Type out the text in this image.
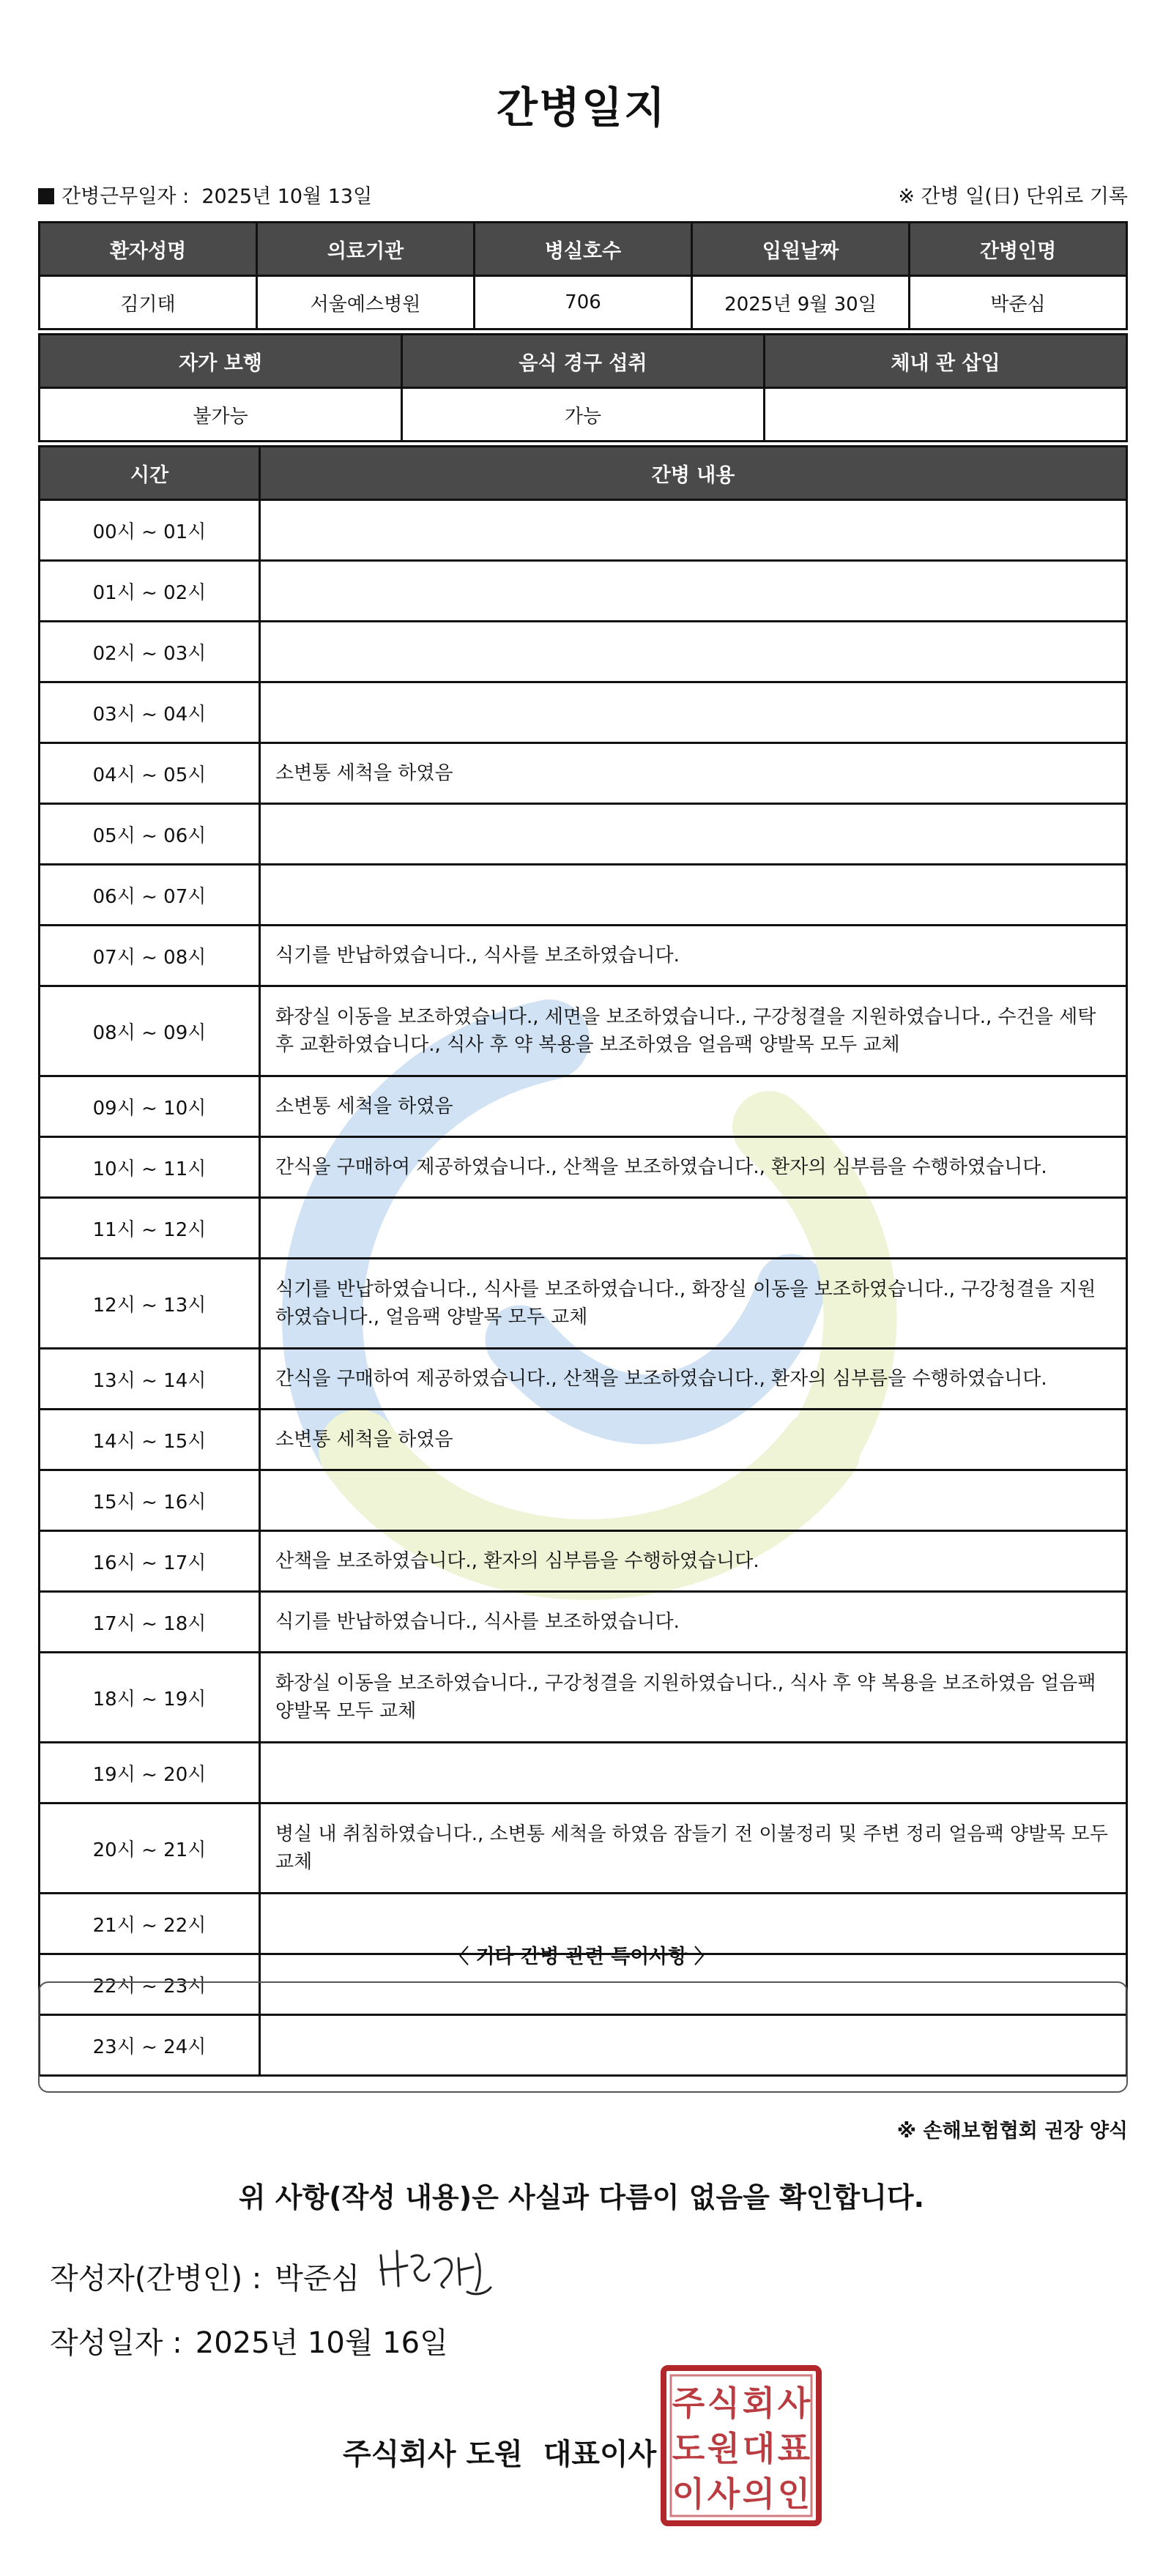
간병일지
간병근무일자 : 2025년 10월 13일	※ 간병 일(日) 단위로 기록
환자성명	의료기관	병실호수	입원날짜	간병인명
김기태	서울예스병원	706	2025년 9월 30일	박준심
자가 보행	음식 경구 섭취	체내 관 삽입
불가능	가능	
시간	간병 내용
00시 ~ 01시	
01시 ~ 02시	
02시 ~ 03시	
03시 ~ 04시	
04시 ~ 05시	소변통 세척을 하였음
05시 ~ 06시	
06시 ~ 07시	
07시 ~ 08시	식기를 반납하였습니다., 식사를 보조하였습니다.
08시 ~ 09시	화장실 이동을 보조하였습니다., 세면을 보조하였습니다., 구강청결을 지원하였습니다., 수건을 세탁 후 교환하였습니다., 식사 후 약 복용을 보조하였음 얼음팩 양발목 모두 교체
09시 ~ 10시	소변통 세척을 하였음
10시 ~ 11시	간식을 구매하여 제공하였습니다., 산책을 보조하였습니다., 환자의 심부름을 수행하였습니다.
11시 ~ 12시	
12시 ~ 13시	식기를 반납하였습니다., 식사를 보조하였습니다., 화장실 이동을 보조하였습니다., 구강청결을 지원하였습니다., 얼음팩 양발목 모두 교체
13시 ~ 14시	간식을 구매하여 제공하였습니다., 산책을 보조하였습니다., 환자의 심부름을 수행하였습니다.
14시 ~ 15시	소변통 세척을 하였음
15시 ~ 16시	
16시 ~ 17시	산책을 보조하였습니다., 환자의 심부름을 수행하였습니다.
17시 ~ 18시	식기를 반납하였습니다., 식사를 보조하였습니다.
18시 ~ 19시	화장실 이동을 보조하였습니다., 구강청결을 지원하였습니다., 식사 후 약 복용을 보조하였음 얼음팩 양발목 모두 교체
19시 ~ 20시	
20시 ~ 21시	병실 내 취침하였습니다., 소변통 세척을 하였음 잠들기 전 이불정리 및 주변 정리 얼음팩 양발목 모두 교체
21시 ~ 22시	
22시 ~ 23시	
23시 ~ 24시	
〈 기타 간병 관련 특이사항 〉
※ 손해보험협회 권장 양식
위 사항(작성 내용)은 사실과 다름이 없음을 확인합니다.
작성자(간병인) : 박준심
작성일자 : 2025년 10월 16일
주식회사 도원 대표이사
주 식 회 사
도 원 대 표
이 사 의 인
